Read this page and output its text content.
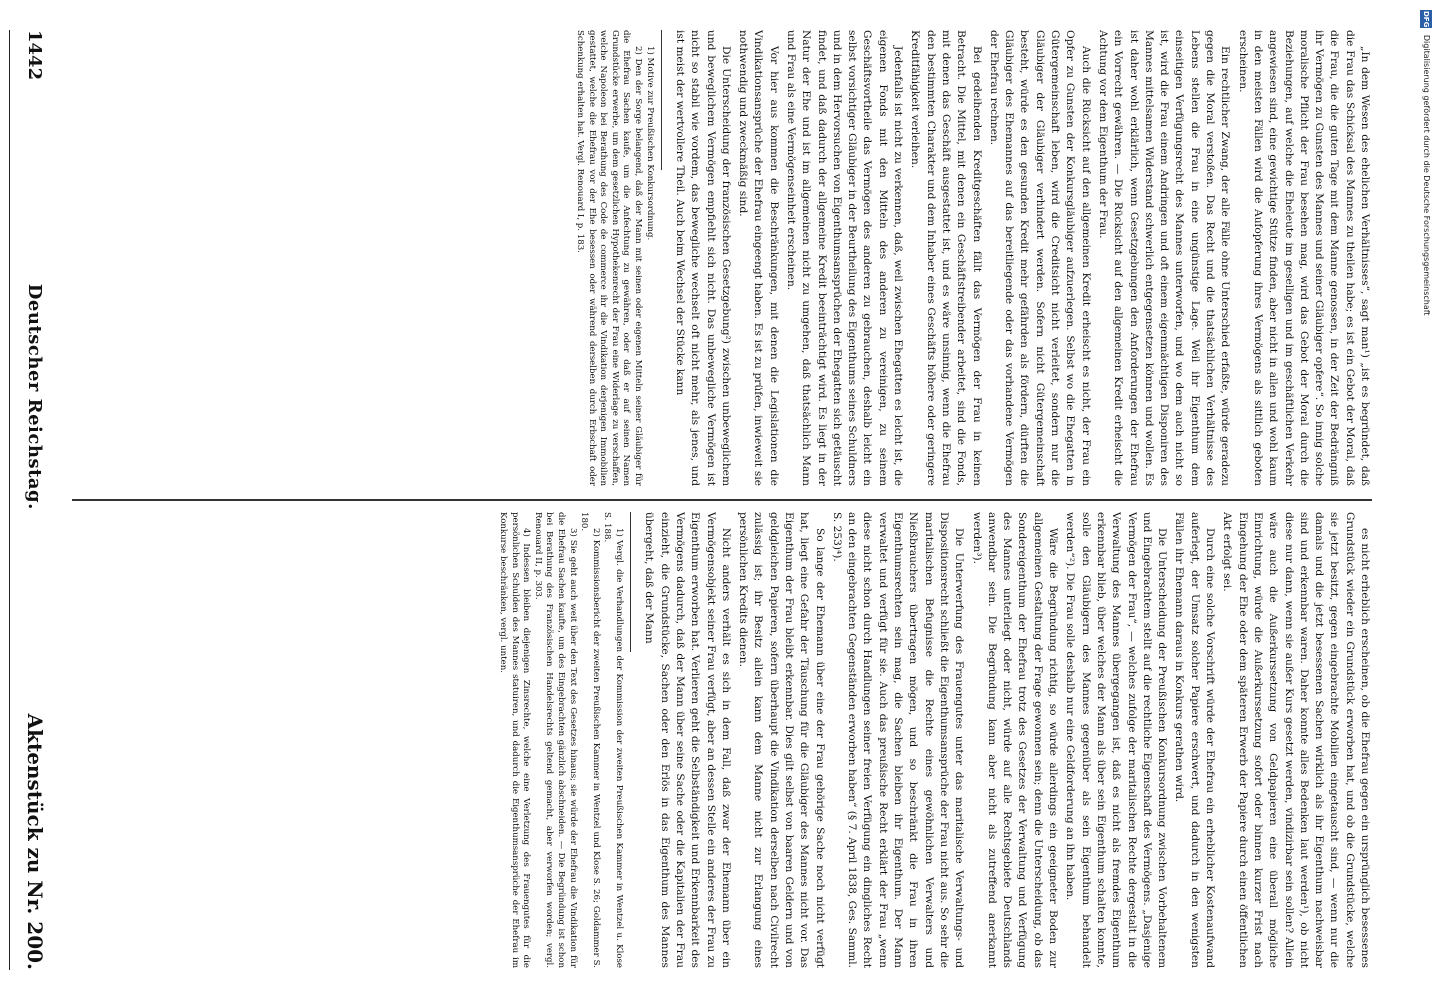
1442
Deutscher Reichstag.
Aktenstück zu Nr. 200.

„In dem Wesen des ehelichen Verhältnisses“, sagt man¹) „ist es begründet, daß die Frau das Schicksal des Mannes zu theilen habe; es ist ein Gebot der Moral, daß die Frau, die die guten Tage mit dem Manne genossen, in der Zeit der Bedrängniß ihr Vermögen zu Gunsten des Mannes und seiner Gläubiger opfere“. So innig solche moralische Pflicht der Frau besehen mag, wird das Gebot der Moral durch die Beziehungen, auf welche die Eheleute im geselligen und im geschäftlichen Verkehr angewiesen sind, eine gewichtige Stütze finden, aber nicht in allen und wohl kaum in den meisten Fällen wird die Aufopferung ihres Vermögens als sittlich geboten erscheinen.

Ein rechtlicher Zwang, der alle Fälle ohne Unterschied erfaßte, würde geradezu gegen die Moral verstoßen. Das Recht und die thatsächlichen Verhältnisse des Lebens stellen die Frau in eine ungünstige Lage. Weil ihr Eigenthum dem einseitigen Verfügungsrecht des Mannes unterworfen, und wo dem auch nicht so ist, wird die Frau einem Andringen und oft einem eigenmächtigen Disponiren des Mannes mittelsamen Widerstand schwerlich entgegensetzen können und wollen. Es ist daher wohl erklärlich, wenn Gesetzgebungen den Anforderungen der Ehefrau ein Vorrecht gewähren. — Die Rücksicht auf den allgemeinen Kredit erheischt die Achtung vor dem Eigenthum der Frau.

Auch die Rücksicht auf den allgemeinen Kredit erheischt es nicht, der Frau ein Opfer zu Gunsten der Konkursgläubiger aufzuerlegen. Selbst wo die Ehegatten in Gütergemeinschaft leben, wird die Creditsicht nicht verleitet, sondern nur die Gläubiger der Gläubiger verhindert werden. Sofern nicht Gütergemeinschaft besteht, würde es den gesunden Kredit mehr gefährden als fördern, dürften die Gläubiger des Ehemannes auf das bereitliegende oder das vorhandene Vermögen der Ehefrau rechnen.

Bei gedeihenden Kreditgeschäften fällt das Vermögen der Frau in keinen Betracht. Die Mittel, mit denen ein Geschäftstreibender arbeitet, sind die Fonds, mit denen das Geschäft ausgestattet ist, und es wäre unsinnig, wenn die Ehefrau den bestimmten Charakter und dem Inhaber eines Geschäfts höhere oder geringere Kreditfähigkeit verleihen.

Jedenfalls ist nicht zu verkennen, daß, weil zwischen Ehegatten es leicht ist, die eigenen Fonds mit den Mitteln des anderen zu vereinigen, zu seinem Geschäftsvortheile das Vermögen des anderen zu gebrauchen, deshalb leicht ein selbst vorsichtiger Gläubiger in der Beurtheilung des Eigenthums seines Schuldners und in dem Hervorsuchen von Eigenthumsansprüchen der Ehegatten sich getäuscht findet, und daß dadurch der allgemeine Kredit beeinträchtigt wird. Es liegt in der Natur der Ehe und ist im allgemeinen nicht zu umgehen, daß thatsächlich Mann und Frau als eine Vermögenseinheit erscheinen.

Vor hier aus kommen die Beschränkungen, mit denen die Legislationen die Vindikationsansprüche der Ehefrau eingeengt haben. Es ist zu prüfen, inwieweit sie nothwendig und zweckmäßig sind.

Die Unterscheidung der französischen Gesetzgebung²) zwischen unbeweglichem und beweglichem Vermögen empfiehlt sich nicht. Das unbewegliche Vermögen ist nicht so stabil wie vordem, das bewegliche wechselt oft nicht mehr, als jenes, und ist meist der wertvollere Theil. Auch beim Wechsel der Stücke kann

1) Motive zur Preußischen Konkursordnung.

2) Den der Sorge belangend, daß der Mann mit seinen oder eigenen Mitteln seiner Gläubiger für die Ehefrau Sachen kaufe, um die Anfechtung zu gewähren, oder daß er auf seinen Namen Grundstücke erwerbe, um dem gesetzlichen Hypothekenrecht der Frau eine Widerlage zu verschaffen, welche Napoleon bei Berathung des Code de commerce ihr die Vindikation derjenigen Immobilien gestattet, welche die Ehefrau vor der Ehe besessen oder während derselben durch Erbschaft oder Schenkung erhalten hat. Vergl. Renouard I, p. 183.

es nicht erheblich erscheinen, ob die Ehefrau gegen ein ursprünglich besessenes Grundstück wieder ein Grundstück erworben hat, und ob die Grundstücke, welche sie jetzt besitzt, gegen eingebrachte Mobilien eingetauscht sind, — wenn nur die damals und die jetzt besessenen Sachen wirklich als ihr Eigenthum nachweisbar sind und erkennbar waren. Daher konnte alles Bedenken laut werden¹), ob nicht diese nur dann, wenn sie außer Kurs gesetzt werden, vindizirbar sein sollen? Allein wäre auch die Außerkurssetzung von Geldpapieren eine überall mögliche Einrichtung, würde die Außerkurssetzung sofort oder binnen kurzer Frist nach Eingehung der Ehe oder dem späteren Erwerb der Papiere durch einen öffentlichen Akt erfolgt sei.

Durch eine solche Vorschrift würde der Ehefrau ein erheblicher Kostenaufwand auferlegt, der Umsatz solcher Papiere erschwert, und dadurch in den wenigsten Fällen ihr Ehemann daraus in Konkurs gerathen wird.

Die Unterscheidung der Preußischen Konkursordnung zwischen Vorbehaltenem und Eingebrachtem stellt auf die rechtliche Eigenschaft des Vermögens. „Dasjenige Vermögen der Frau“, — welches zufolge der maritalischen Rechte dergestalt in die Verwaltung des Mannes übergegangen ist, daß es nicht als fremdes Eigenthum erkennbar blieb, über welches der Mann als über sein Eigenthum schalten konnte, solle den Gläubigern des Mannes gegenüber als sein Eigenthum behandelt werden“²). Die Frau solle deshalb nur eine Geldforderung an ihn haben.

Wäre die Begründung richtig, so würde allerdings ein geeigneter Boden zur allgemeinen Gestaltung der Frage gewonnen sein; denn die Unterscheidung, ob das Sondereigenthum der Ehefrau trotz des Gesetzes der Verwaltung und Verfügung des Mannes unterliegt oder nicht, würde auf alle Rechtsgebiete Deutschlands anwendbar sein. Die Begründung kann aber nicht als zutreffend anerkannt werden³).

Die Unterwerfung des Frauengutes unter das maritalische Verwaltungs- und Dispositionsrecht schließt die Eigenthumsansprüche der Frau nicht aus. So sehr die maritalischen Befugnisse die Rechte eines gewöhnlichen Verwalters und Nießbrauchers übertragen mögen, und so beschränkt die Frau in ihren Eigenthumsrechten sein mag, die Sachen bleiben ihr Eigenthum. Der Mann verwaltet und verfügt für sie. Auch das preußische Recht erklärt der Frau „wenn diese nicht schon durch Handlungen seiner freien Verfügung ein dingliches Recht an den eingebrachten Gegenständen erworben haben“ (§ 7. April 1838, Ges. Samml. S. 253)⁴).

So lange der Ehemann über eine der Frau gehörige Sache noch nicht verfügt hat, liegt eine Gefahr der Täuschung für die Gläubiger des Mannes nicht vor. Das Eigenthum der Frau bleibt erkennbar. Dies gilt selbst von baaren Geldern und von geldgleichen Papieren, sofern überhaupt die Vindikation derselben nach Civilrecht zulässig ist; ihr Besitz allein kann dem Manne nicht zur Erlangung eines persönlichen Kredits dienen.

Nicht anders verhält es sich in dem Fall, daß zwar der Ehemann über ein Vermögensobjekt seiner Frau verfügt, aber an dessen Stelle ein anderes der Frau zu Eigenthum erworben hat. Verlieren geht die Selbständigkeit und Erkennbarkeit des Vermögens dadurch, daß der Mann über seine Sache oder die Kapitalien der Frau einzieht, die Grundstücke, Sachen oder den Erlös in das Eigenthum des Mannes übergeht, daß der Mann

1) Vergl. die Verhandlungen der Kommission der zweiten Preußischen Kammer in Wentzel u. Klose S. 188.

2) Kommissionsbericht der zweiten Preußischen Kammer in Wentzel und Klose S. 26; Goldammer S. 180.

3) Sie geht auch weit über den Text des Gesetzes hinaus; sie würde der Ehefrau die Vindikation für die Ehefrau Sachen kaufte, um des Eingebrachten gänzlich abschneiden. — Die Begründung ist schon bei Berathung des Französischen Handelsrechts geltend gemacht, aber verworfen worden; vergl. Renouard II, p. 303.

4) Indessen bleiben diejenigen Zinsrechte, welche eine Verletzung des Frauengutes für die persönlichen Schulden des Mannes statuiren, und dadurch die Eigenthumsansprüche der Ehefrau im Konkurse beschränken, vergl. unten.

DFG Digitalisierung gefördert durch die Deutsche Forschungsgemeinschaft
